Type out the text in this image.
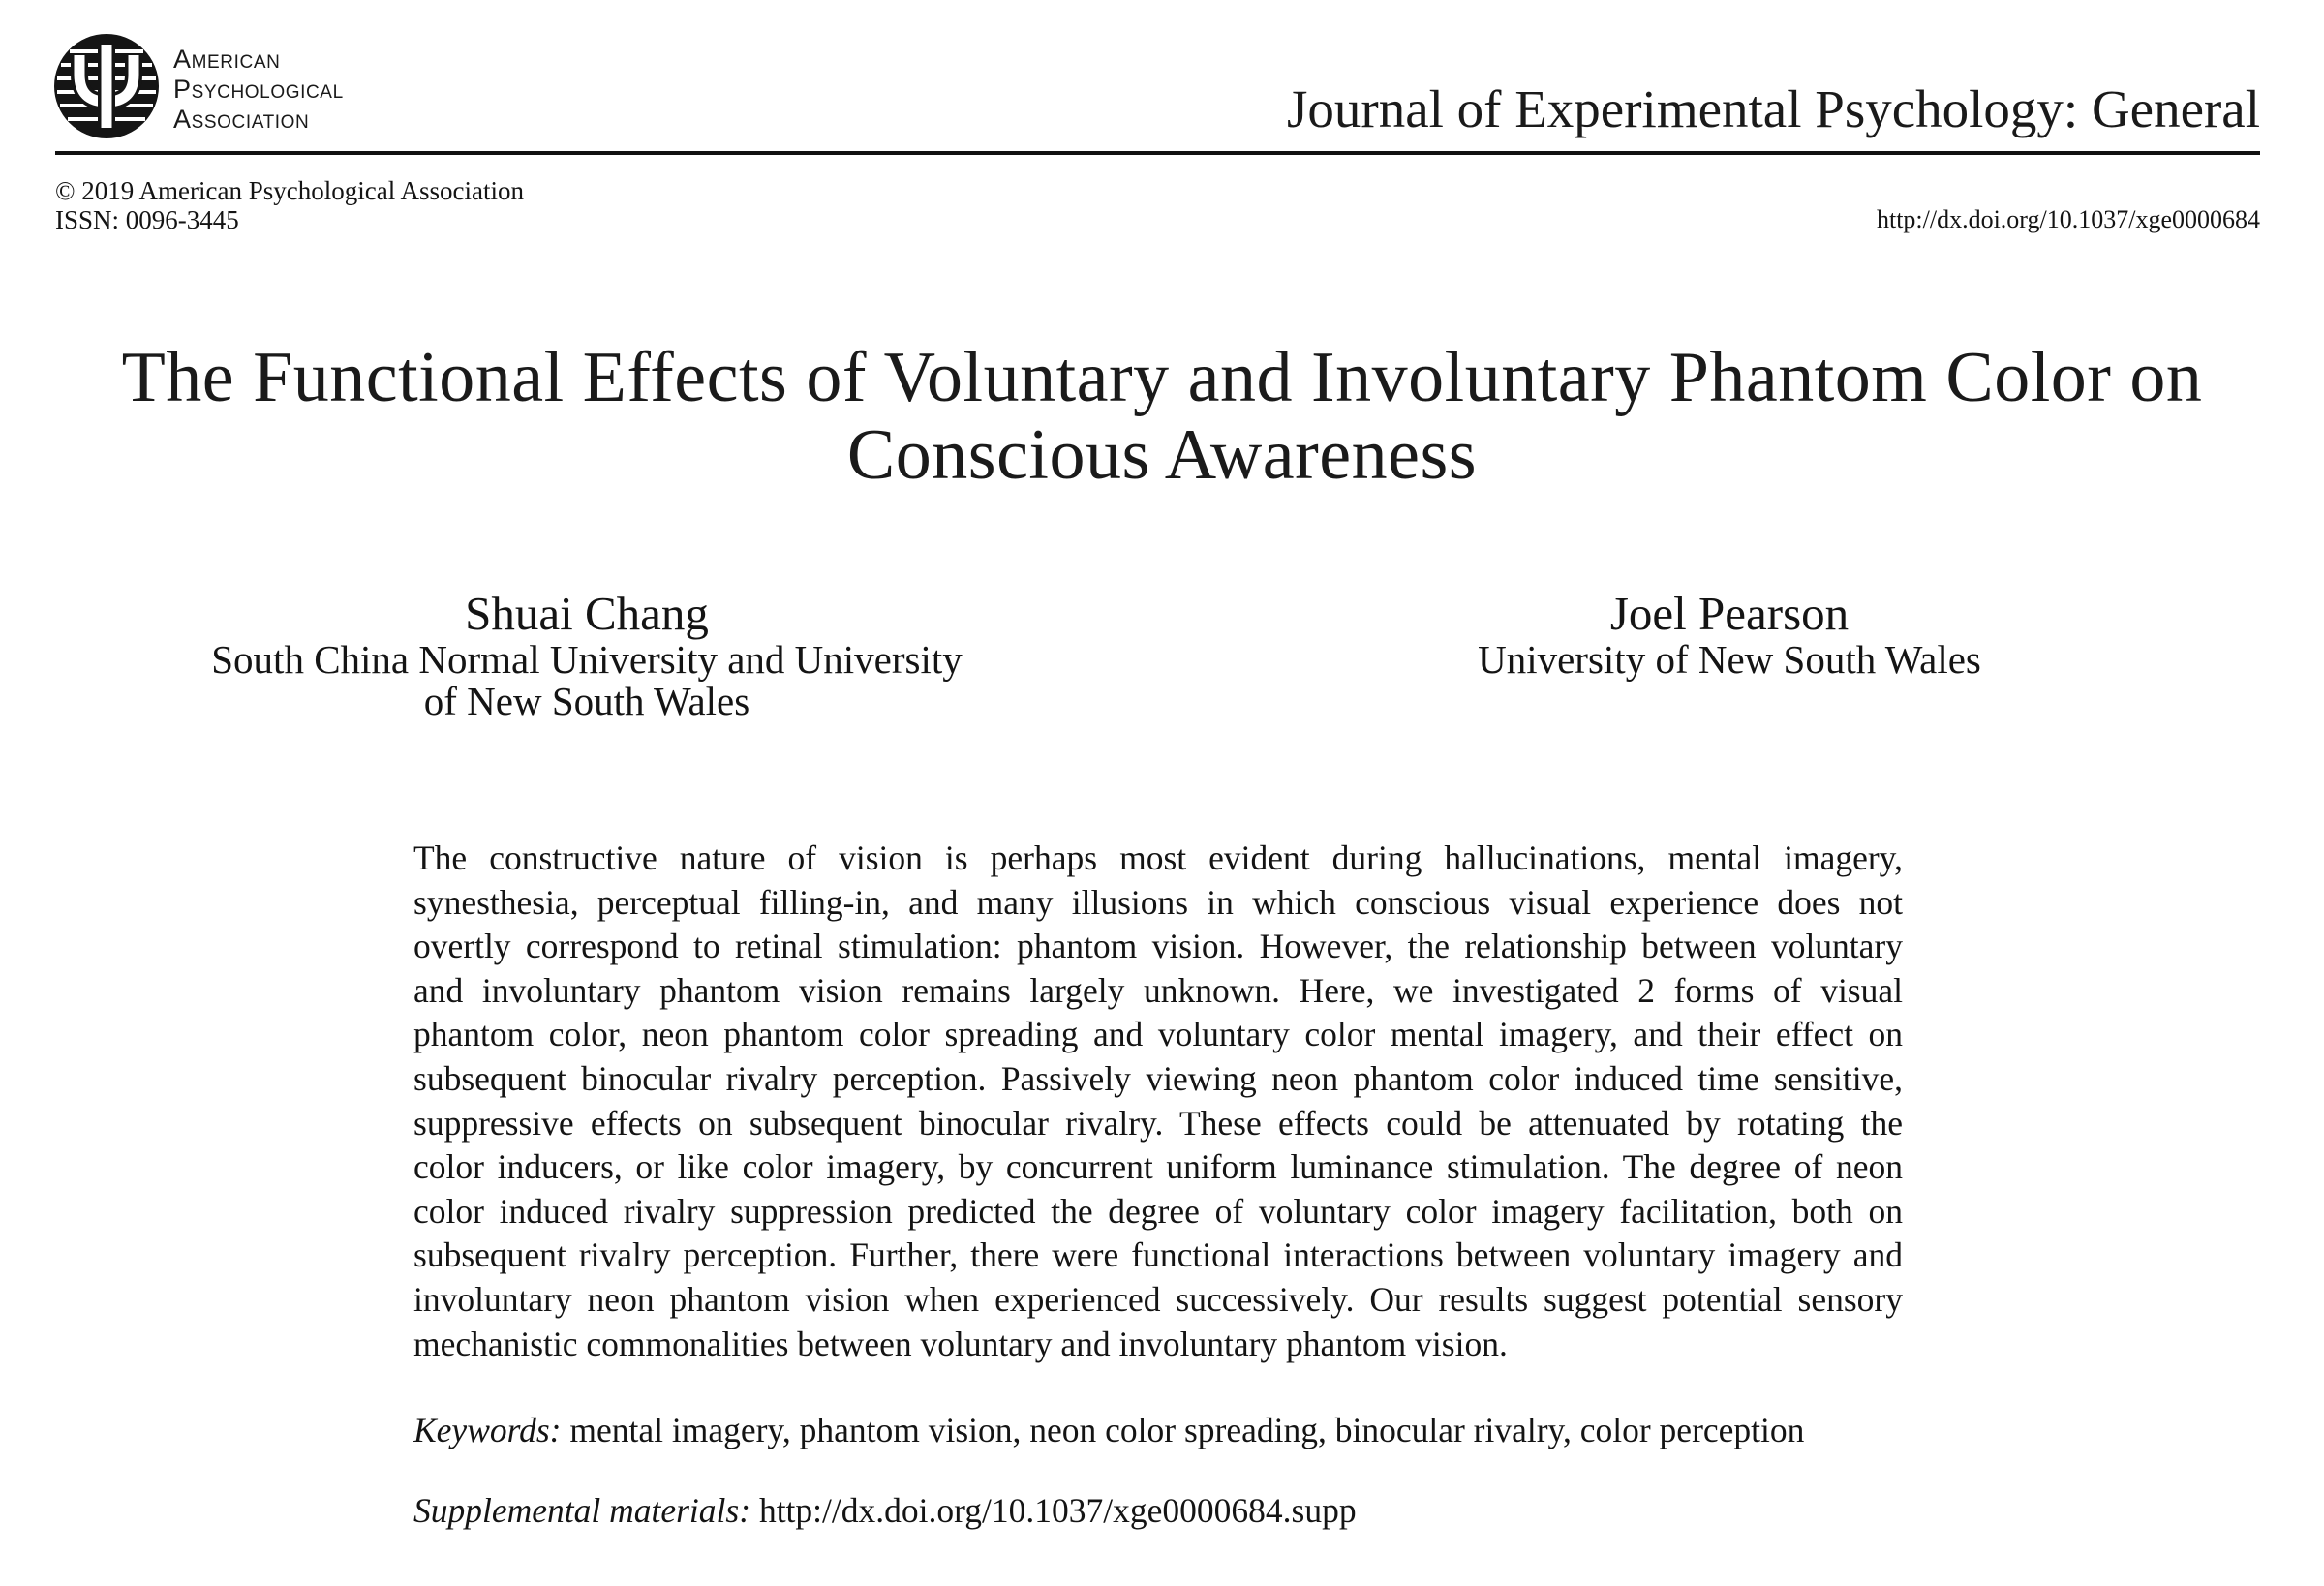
American
Psychological
Association	Journal of Experimental Psychology: General
© 2019 American Psychological Association
ISSN: 0096-3445	http://dx.doi.org/10.1037/xge0000684
The Functional Effects of Voluntary and Involuntary Phantom Color on
Conscious Awareness
Shuai Chang
South China Normal University and University
of New South Wales
Joel Pearson
University of New South Wales
The constructive nature of vision is perhaps most evident during hallucinations, mental imagery,
synesthesia, perceptual filling-in, and many illusions in which conscious visual experience does not
overtly correspond to retinal stimulation: phantom vision. However, the relationship between voluntary
and involuntary phantom vision remains largely unknown. Here, we investigated 2 forms of visual
phantom color, neon phantom color spreading and voluntary color mental imagery, and their effect on
subsequent binocular rivalry perception. Passively viewing neon phantom color induced time sensitive,
suppressive effects on subsequent binocular rivalry. These effects could be attenuated by rotating the
color inducers, or like color imagery, by concurrent uniform luminance stimulation. The degree of neon
color induced rivalry suppression predicted the degree of voluntary color imagery facilitation, both on
subsequent rivalry perception. Further, there were functional interactions between voluntary imagery and
involuntary neon phantom vision when experienced successively. Our results suggest potential sensory
mechanistic commonalities between voluntary and involuntary phantom vision.
Keywords: mental imagery, phantom vision, neon color spreading, binocular rivalry, color perception
Supplemental materials: http://dx.doi.org/10.1037/xge0000684.supp
